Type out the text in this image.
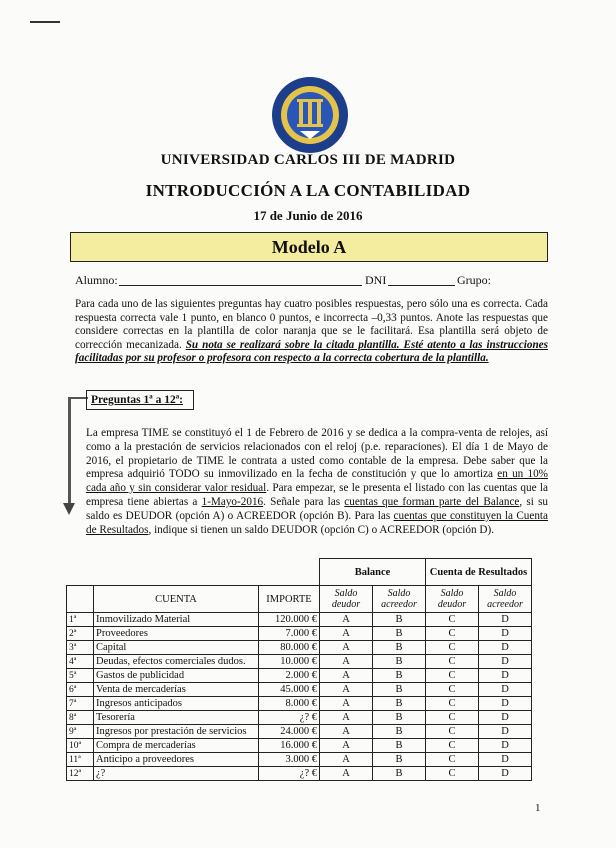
UNIVERSIDAD CARLOS III DE MADRID
INTRODUCCIÓN A LA CONTABILIDAD
17 de Junio de 2016
Modelo A
Alumno:	DNI	Grupo:
Para cada uno de las siguientes preguntas hay cuatro posibles respuestas, pero sólo una es correcta. Cada respuesta correcta vale 1 punto, en blanco 0 puntos, e incorrecta –0,33 puntos. Anote las respuestas que considere correctas en la plantilla de color naranja que se le facilitará. Esa plantilla será objeto de corrección mecanizada. Su nota se realizará sobre la citada plantilla. Esté atento a las instrucciones facilitadas por su profesor o profesora con respecto a la correcta cobertura de la plantilla.
Preguntas 1ª a 12ª:
La empresa TIME se constituyó el 1 de Febrero de 2016 y se dedica a la compra-venta de relojes, así como a la prestación de servicios relacionados con el reloj (p.e. reparaciones). El día 1 de Mayo de 2016, el propietario de TIME le contrata a usted como contable de la empresa. Debe saber que la empresa adquirió TODO su inmovilizado en la fecha de constitución y que lo amortiza en un 10% cada año y sin considerar valor residual. Para empezar, se le presenta el listado con las cuentas que la empresa tiene abiertas a 1-Mayo-2016. Señale para las cuentas que forman parte del Balance, si su saldo es DEUDOR (opción A) o ACREEDOR (opción B). Para las cuentas que constituyen la Cuenta de Resultados, indique si tienen un saldo DEUDOR (opción C) o ACREEDOR (opción D).
			Balance		Cuenta de Resultados	
	CUENTA	IMPORTE	Saldo deudor	Saldo acreedor	Saldo deudor	Saldo acreedor
1ª	Inmovilizado Material	120.000 €	A	B	C	D
2ª	Proveedores	7.000 €	A	B	C	D
3ª	Capital	80.000 €	A	B	C	D
4ª	Deudas, efectos comerciales dudos.	10.000 €	A	B	C	D
5ª	Gastos de publicidad	2.000 €	A	B	C	D
6ª	Venta de mercaderías	45.000 €	A	B	C	D
7ª	Ingresos anticipados	8.000 €	A	B	C	D
8ª	Tesorería	¿? €	A	B	C	D
9ª	Ingresos por prestación de servicios	24.000 €	A	B	C	D
10ª	Compra de mercaderías	16.000 €	A	B	C	D
11ª	Anticipo a proveedores	3.000 €	A	B	C	D
12ª	¿?	¿? €	A	B	C	D
1
